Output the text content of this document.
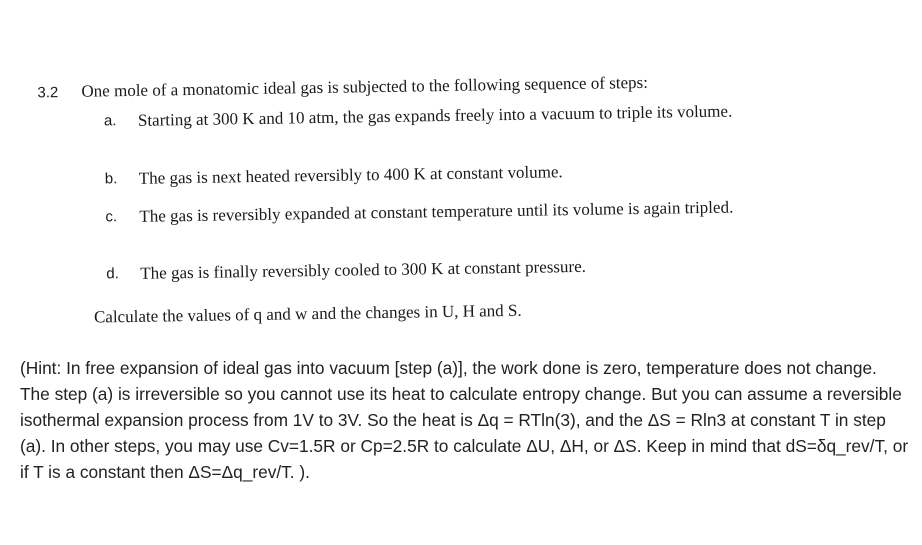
3.2 One mole of a monatomic ideal gas is subjected to the following sequence of steps:
a.	Starting at 300 K and 10 atm, the gas expands freely into a vacuum to triple its volume.
b.	The gas is next heated reversibly to 400 K at constant volume.
c.	The gas is reversibly expanded at constant temperature until its volume is again tripled.
d.	The gas is finally reversibly cooled to 300 K at constant pressure.
Calculate the values of q and w and the changes in U, H and S.
(Hint: In free expansion of ideal gas into vacuum [step (a)], the work done is zero, temperature does not change. The step (a) is irreversible so you cannot use its heat to calculate entropy change. But you can assume a reversible isothermal expansion process from 1V to 3V. So the heat is Δq = RTln(3), and the ΔS = Rln3 at constant T in step (a). In other steps, you may use Cv=1.5R or Cp=2.5R to calculate ΔU, ΔH, or ΔS. Keep in mind that dS=δq_rev/T, or if T is a constant then ΔS=Δq_rev/T. ).
